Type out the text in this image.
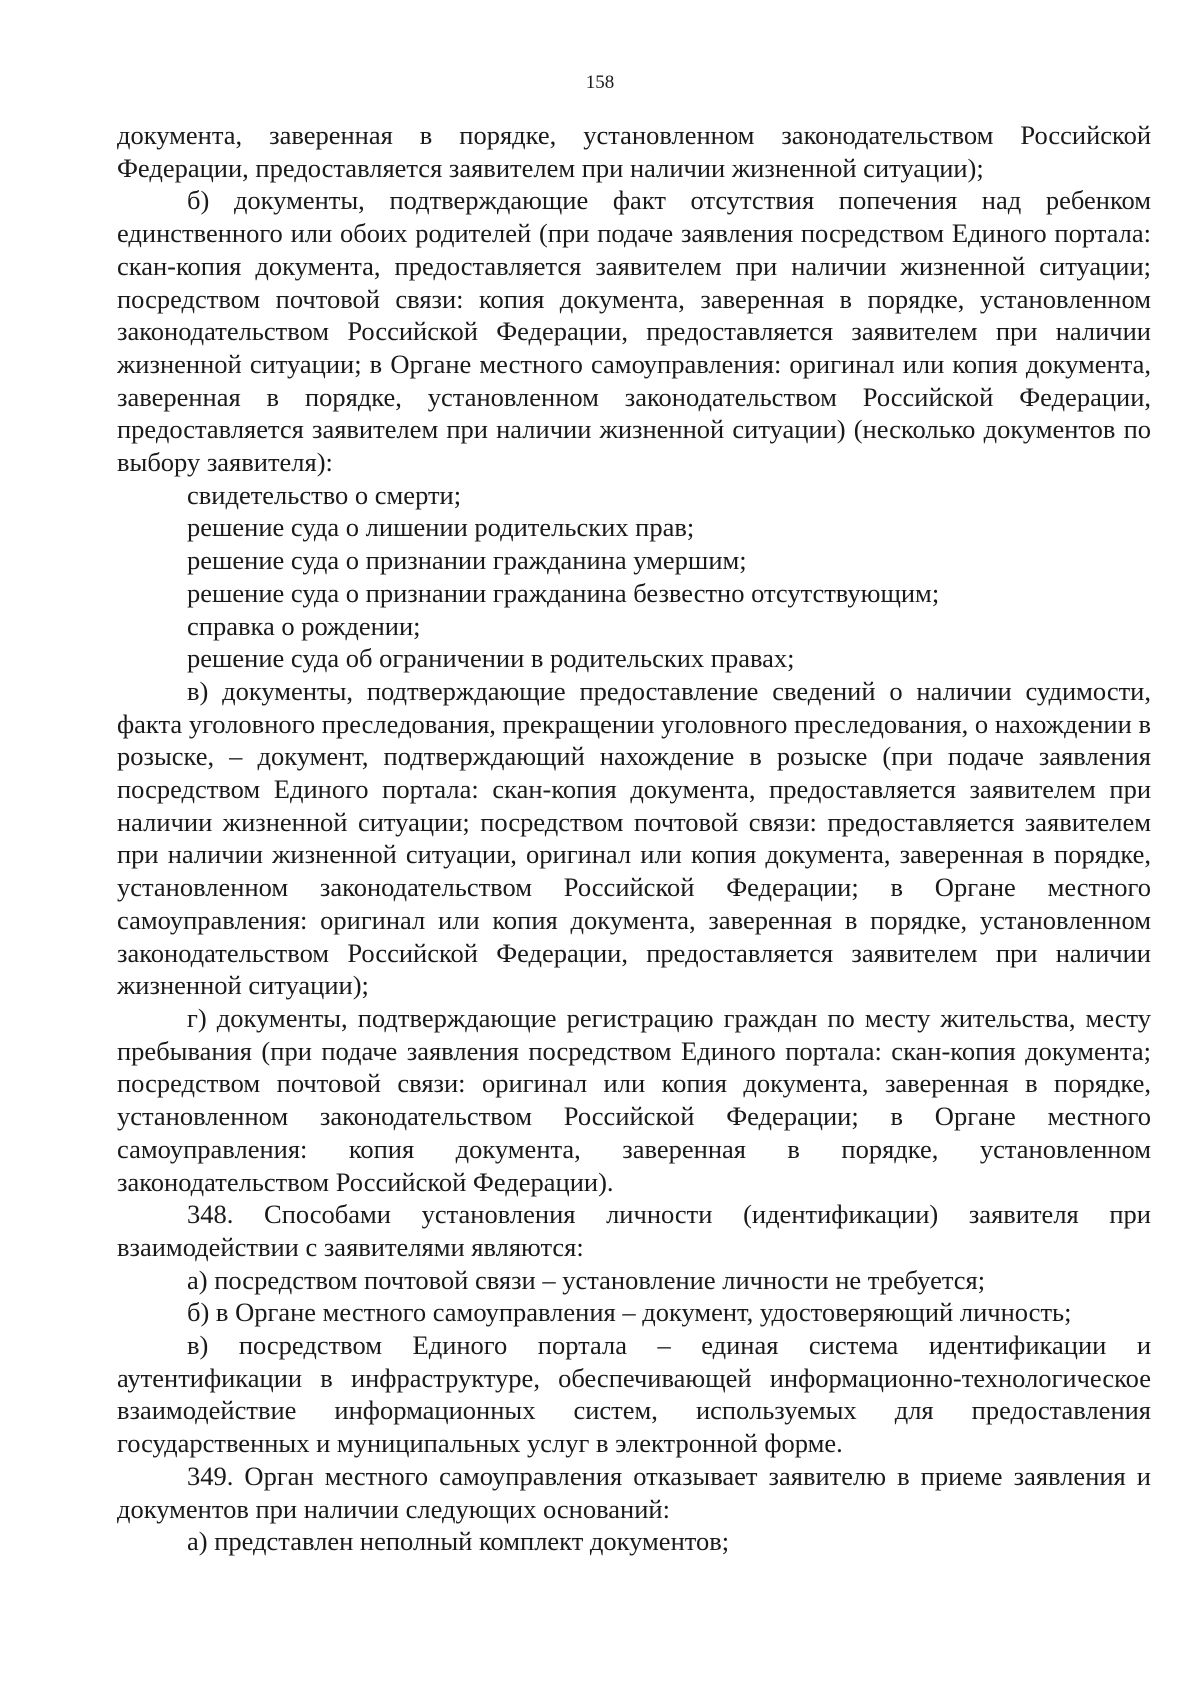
158

документа, заверенная в порядке, установленном законодательством Российской Федерации, предоставляется заявителем при наличии жизненной ситуации);

б) документы, подтверждающие факт отсутствия попечения над ребенком единственного или обоих родителей (при подаче заявления посредством Единого портала: скан-копия документа, предоставляется заявителем при наличии жизненной ситуации; посредством почтовой связи: копия документа, заверенная в порядке, установленном законодательством Российской Федерации, предоставляется заявителем при наличии жизненной ситуации; в Органе местного самоуправления: оригинал или копия документа, заверенная в порядке, установленном законодательством Российской Федерации, предоставляется заявителем при наличии жизненной ситуации) (несколько документов по выбору заявителя):

свидетельство о смерти;

решение суда о лишении родительских прав;

решение суда о признании гражданина умершим;

решение суда о признании гражданина безвестно отсутствующим;

справка о рождении;

решение суда об ограничении в родительских правах;

в) документы, подтверждающие предоставление сведений о наличии судимости, факта уголовного преследования, прекращении уголовного преследования, о нахождении в розыске, – документ, подтверждающий нахождение в розыске (при подаче заявления посредством Единого портала: скан-копия документа, предоставляется заявителем при наличии жизненной ситуации; посредством почтовой связи: предоставляется заявителем при наличии жизненной ситуации, оригинал или копия документа, заверенная в порядке, установленном законодательством Российской Федерации; в Органе местного самоуправления: оригинал или копия документа, заверенная в порядке, установленном законодательством Российской Федерации, предоставляется заявителем при наличии жизненной ситуации);

г) документы, подтверждающие регистрацию граждан по месту жительства, месту пребывания (при подаче заявления посредством Единого портала: скан-копия документа; посредством почтовой связи: оригинал или копия документа, заверенная в порядке, установленном законодательством Российской Федерации; в Органе местного самоуправления: копия документа, заверенная в порядке, установленном законодательством Российской Федерации).

348. Способами установления личности (идентификации) заявителя при взаимодействии с заявителями являются:

а) посредством почтовой связи – установление личности не требуется;

б) в Органе местного самоуправления – документ, удостоверяющий личность;

в) посредством Единого портала – единая система идентификации и аутентификации в инфраструктуре, обеспечивающей информационно-технологическое взаимодействие информационных систем, используемых для предоставления государственных и муниципальных услуг в электронной форме.

349. Орган местного самоуправления отказывает заявителю в приеме заявления и документов при наличии следующих оснований:

а) представлен неполный комплект документов;
